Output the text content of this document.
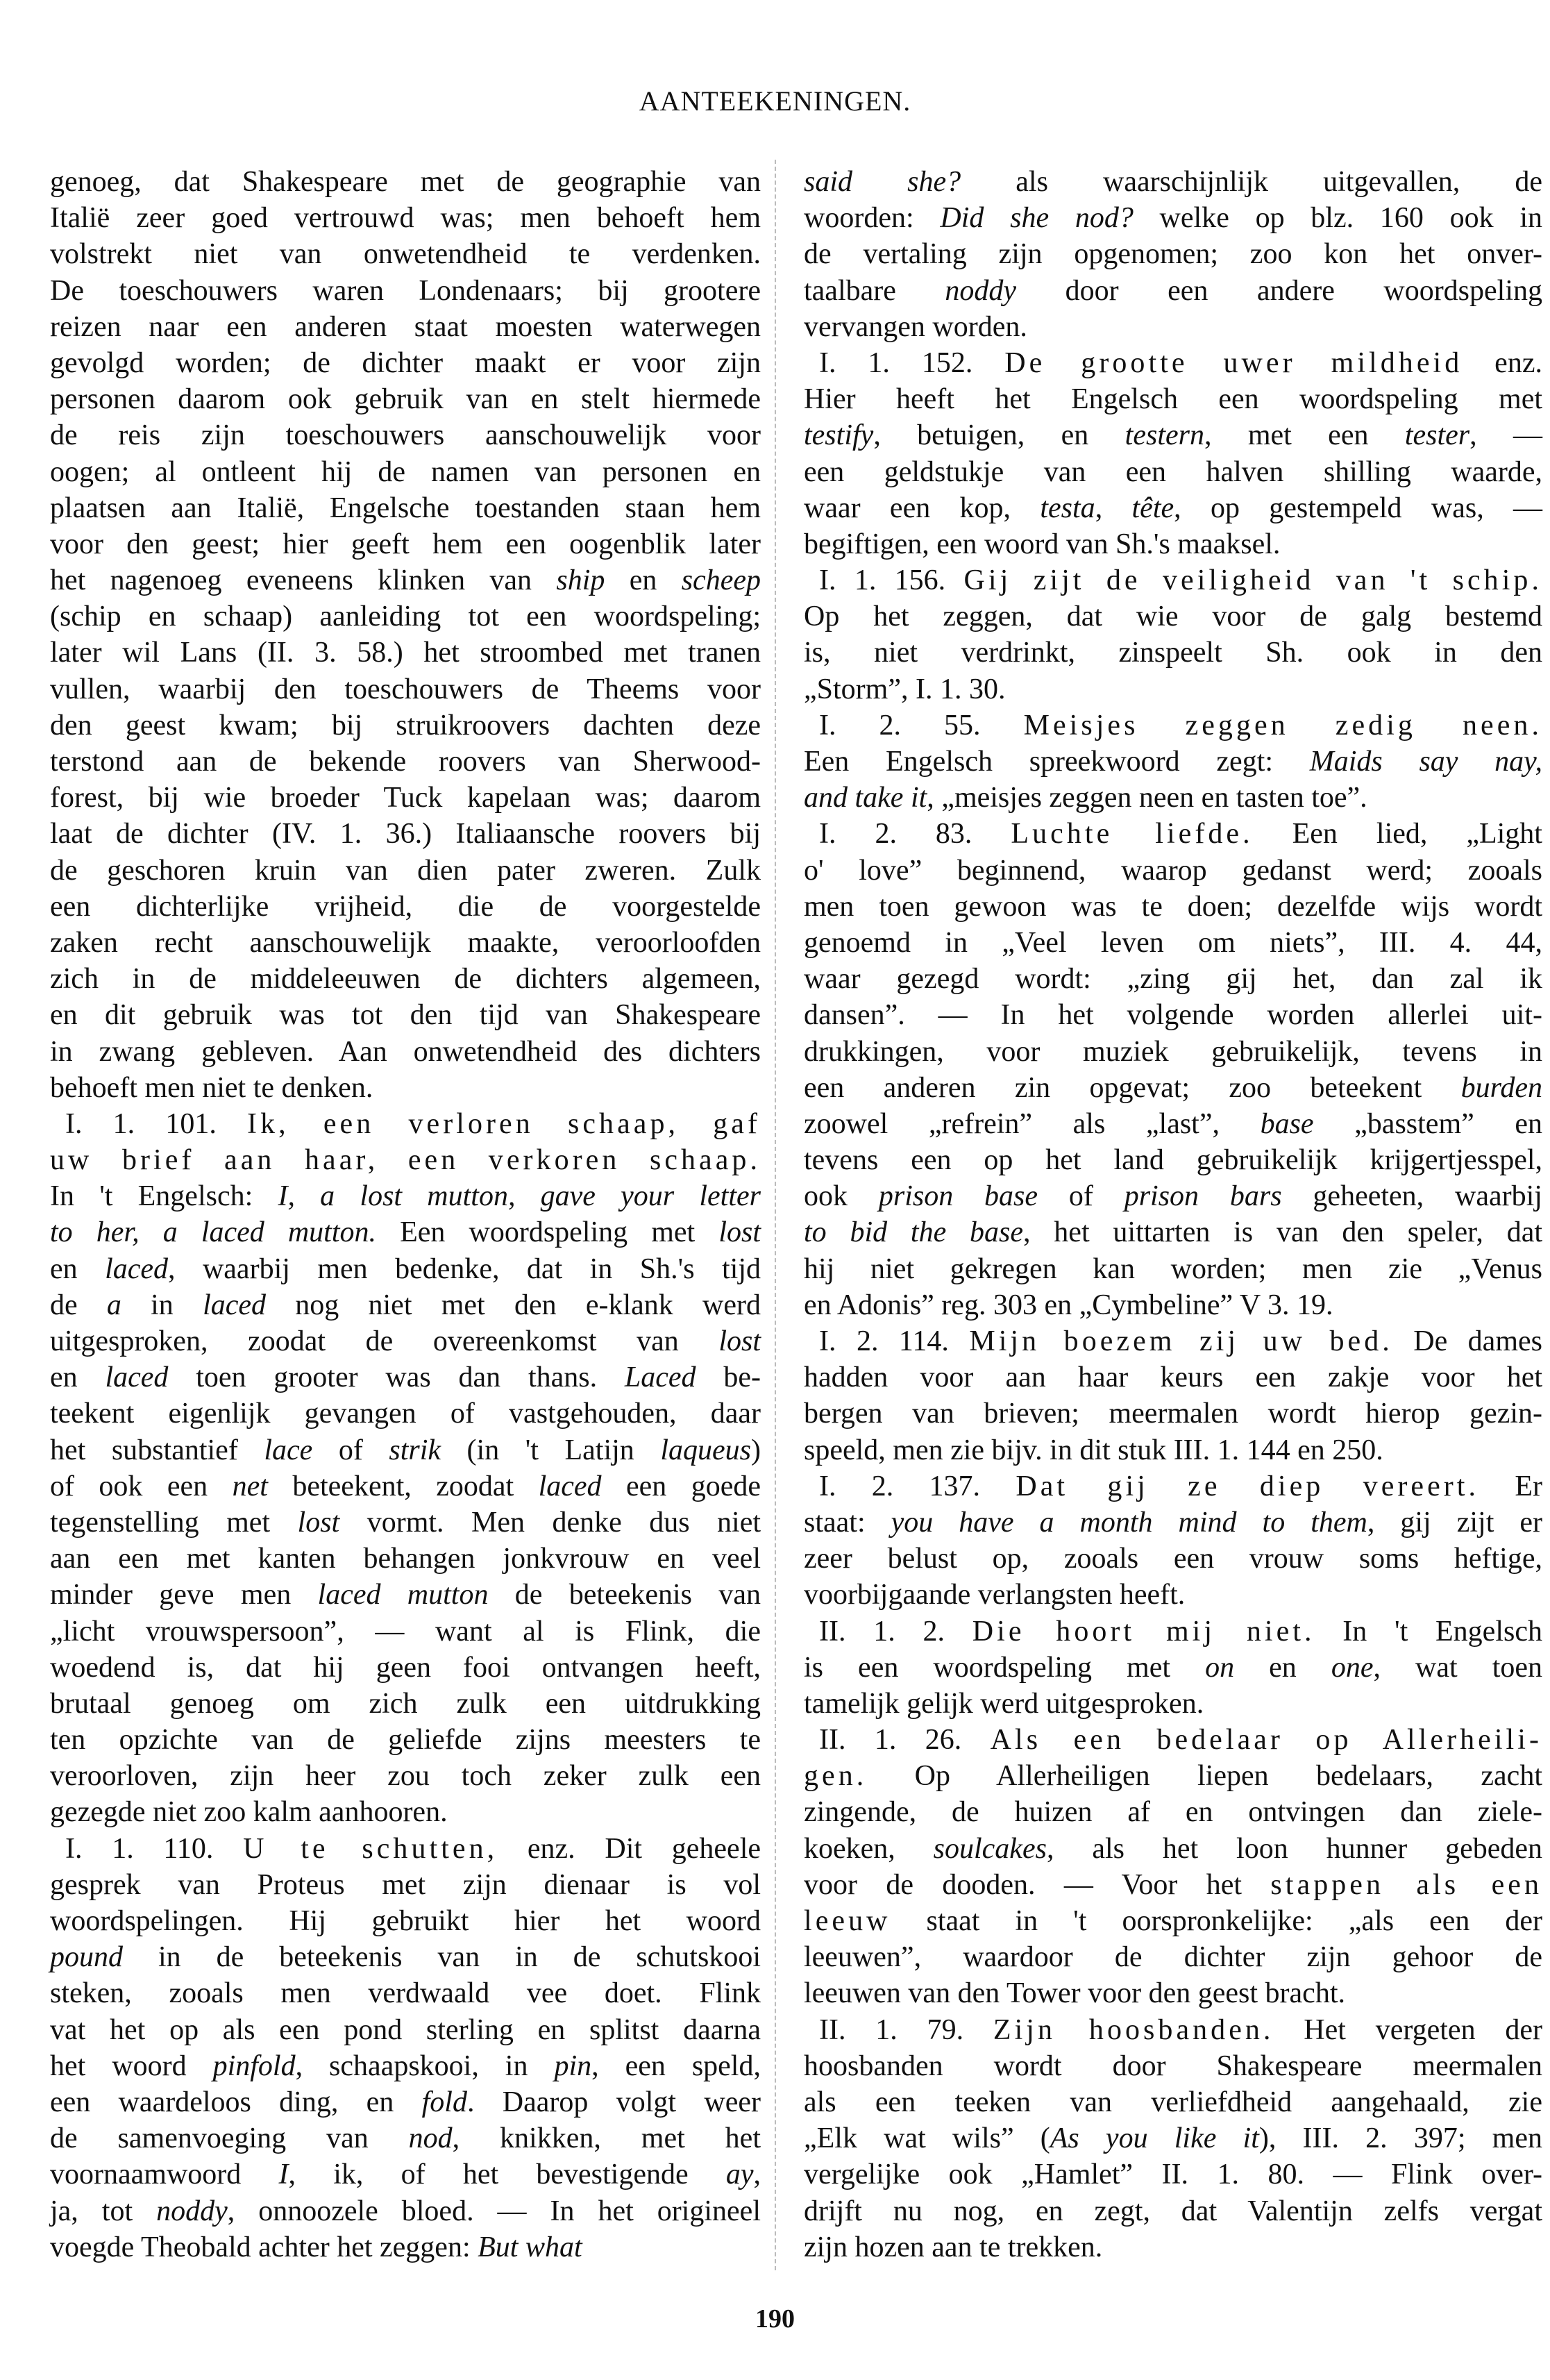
AANTEEKENINGEN.
genoeg, dat Shakespeare met de geographie van
Italië zeer goed vertrouwd was; men behoeft hem
volstrekt niet van onwetendheid te verdenken.
De toeschouwers waren Londenaars; bij grootere
reizen naar een anderen staat moesten waterwegen
gevolgd worden; de dichter maakt er voor zijn
personen daarom ook gebruik van en stelt hiermede
de reis zijn toeschouwers aanschouwelijk voor
oogen; al ontleent hij de namen van personen en
plaatsen aan Italië, Engelsche toestanden staan hem
voor den geest; hier geeft hem een oogenblik later
het nagenoeg eveneens klinken van ship en scheep
(schip en schaap) aanleiding tot een woordspeling;
later wil Lans (II. 3. 58.) het stroombed met tranen
vullen, waarbij den toeschouwers de Theems voor
den geest kwam; bij struikroovers dachten deze
terstond aan de bekende roovers van Sherwood-
forest, bij wie broeder Tuck kapelaan was; daarom
laat de dichter (IV. 1. 36.) Italiaansche roovers bij
de geschoren kruin van dien pater zweren. Zulk
een dichterlijke vrijheid, die de voorgestelde
zaken recht aanschouwelijk maakte, veroorloofden
zich in de middeleeuwen de dichters algemeen,
en dit gebruik was tot den tijd van Shakespeare
in zwang gebleven. Aan onwetendheid des dichters
behoeft men niet te denken.
I. 1. 101. Ik, een verloren schaap, gaf
uw brief aan haar, een verkoren schaap.
In 't Engelsch: I, a lost mutton, gave your letter
to her, a laced mutton. Een woordspeling met lost
en laced, waarbij men bedenke, dat in Sh.'s tijd
de a in laced nog niet met den e-klank werd
uitgesproken, zoodat de overeenkomst van lost
en laced toen grooter was dan thans. Laced be-
teekent eigenlijk gevangen of vastgehouden, daar
het substantief lace of strik (in 't Latijn laqueus)
of ook een net beteekent, zoodat laced een goede
tegenstelling met lost vormt. Men denke dus niet
aan een met kanten behangen jonkvrouw en veel
minder geve men laced mutton de beteekenis van
„licht vrouwspersoon”, — want al is Flink, die
woedend is, dat hij geen fooi ontvangen heeft,
brutaal genoeg om zich zulk een uitdrukking
ten opzichte van de geliefde zijns meesters te
veroorloven, zijn heer zou toch zeker zulk een
gezegde niet zoo kalm aanhooren.
I. 1. 110. U te schutten, enz. Dit geheele
gesprek van Proteus met zijn dienaar is vol
woordspelingen. Hij gebruikt hier het woord
pound in de beteekenis van in de schutskooi
steken, zooals men verdwaald vee doet. Flink
vat het op als een pond sterling en splitst daarna
het woord pinfold, schaapskooi, in pin, een speld,
een waardeloos ding, en fold. Daarop volgt weer
de samenvoeging van nod, knikken, met het
voornaamwoord I, ik, of het bevestigende ay,
ja, tot noddy, onnoozele bloed. — In het origineel
voegde Theobald achter het zeggen: But what
said she? als waarschijnlijk uitgevallen, de
woorden: Did she nod? welke op blz. 160 ook in
de vertaling zijn opgenomen; zoo kon het onver-
taalbare noddy door een andere woordspeling
vervangen worden.
I. 1. 152. De grootte uwer mildheid enz.
Hier heeft het Engelsch een woordspeling met
testify, betuigen, en testern, met een tester, —
een geldstukje van een halven shilling waarde,
waar een kop, testa, tête, op gestempeld was, —
begiftigen, een woord van Sh.'s maaksel.
I. 1. 156. Gij zijt de veiligheid van 't schip.
Op het zeggen, dat wie voor de galg bestemd
is, niet verdrinkt, zinspeelt Sh. ook in den
„Storm”, I. 1. 30.
I. 2. 55. Meisjes zeggen zedig neen.
Een Engelsch spreekwoord zegt: Maids say nay,
and take it, „meisjes zeggen neen en tasten toe”.
I. 2. 83. Luchte liefde. Een lied, „Light
o' love” beginnend, waarop gedanst werd; zooals
men toen gewoon was te doen; dezelfde wijs wordt
genoemd in „Veel leven om niets”, III. 4. 44,
waar gezegd wordt: „zing gij het, dan zal ik
dansen”. — In het volgende worden allerlei uit-
drukkingen, voor muziek gebruikelijk, tevens in
een anderen zin opgevat; zoo beteekent burden
zoowel „refrein” als „last”, base „basstem” en
tevens een op het land gebruikelijk krijgertjesspel,
ook prison base of prison bars geheeten, waarbij
to bid the base, het uittarten is van den speler, dat
hij niet gekregen kan worden; men zie „Venus
en Adonis” reg. 303 en „Cymbeline” V 3. 19.
I. 2. 114. Mijn boezem zij uw bed. De dames
hadden voor aan haar keurs een zakje voor het
bergen van brieven; meermalen wordt hierop gezin-
speeld, men zie bijv. in dit stuk III. 1. 144 en 250.
I. 2. 137. Dat gij ze diep vereert. Er
staat: you have a month mind to them, gij zijt er
zeer belust op, zooals een vrouw soms heftige,
voorbijgaande verlangsten heeft.
II. 1. 2. Die hoort mij niet. In 't Engelsch
is een woordspeling met on en one, wat toen
tamelijk gelijk werd uitgesproken.
II. 1. 26. Als een bedelaar op Allerheili-
gen. Op Allerheiligen liepen bedelaars, zacht
zingende, de huizen af en ontvingen dan ziele-
koeken, soulcakes, als het loon hunner gebeden
voor de dooden. — Voor het stappen als een
leeuw staat in 't oorspronkelijke: „als een der
leeuwen”, waardoor de dichter zijn gehoor de
leeuwen van den Tower voor den geest bracht.
II. 1. 79. Zijn hoosbanden. Het vergeten der
hoosbanden wordt door Shakespeare meermalen
als een teeken van verliefdheid aangehaald, zie
„Elk wat wils” (As you like it), III. 2. 397; men
vergelijke ook „Hamlet” II. 1. 80. — Flink over-
drijft nu nog, en zegt, dat Valentijn zelfs vergat
zijn hozen aan te trekken.
190
